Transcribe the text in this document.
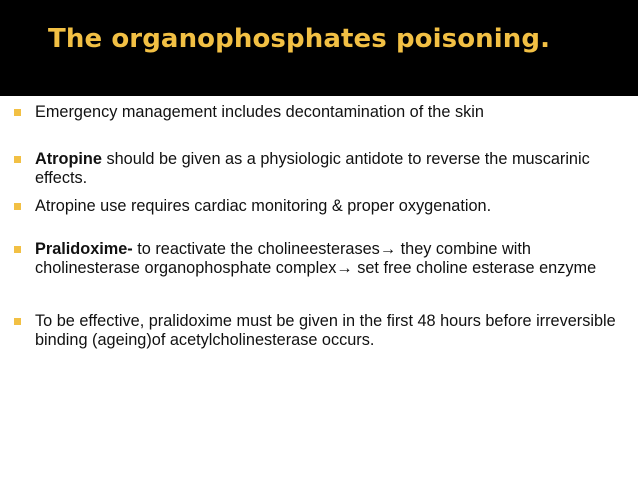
The organophosphates poisoning.
Emergency management includes decontamination of the skin
Atropine should be given as a physiologic antidote to reverse the muscarinic effects.
Atropine use requires cardiac monitoring & proper oxygenation.
Pralidoxime- to reactivate the cholineesterases→ they combine with cholinesterase organophosphate complex→ set free choline esterase enzyme
To be effective, pralidoxime must be given in the first 48 hours before irreversible binding (ageing)of acetylcholinesterase occurs.
